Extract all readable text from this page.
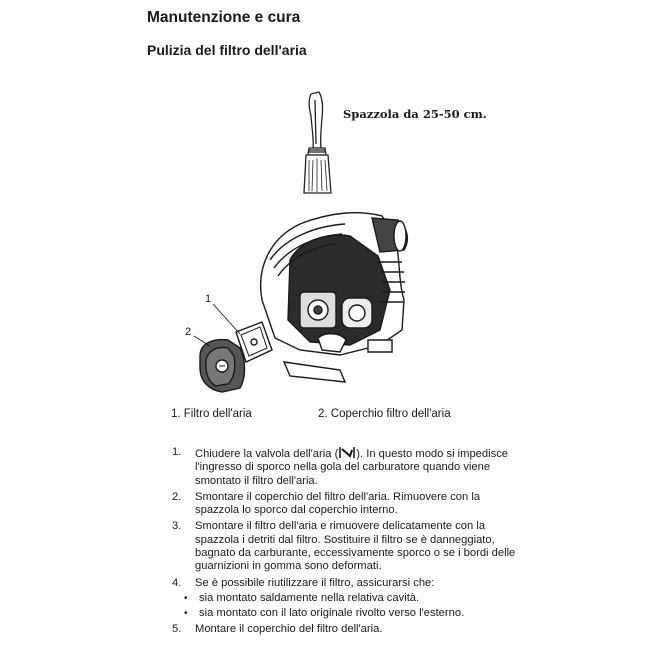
Manutenzione e cura
Pulizia del filtro dell'aria
Spazzola da 25-50 cm.
1
2
1. Filtro dell'aria	2. Coperchio filtro dell'aria
1. Chiudere la valvola dell'aria ( ). In questo modo si impedisce l'ingresso di sporco nella gola del carburatore quando viene smontato il filtro dell'aria.
2. Smontare il coperchio del filtro dell'aria. Rimuovere con la spazzola lo sporco dal coperchio interno.
3. Smontare il filtro dell'aria e rimuovere delicatamente con la spazzola i detriti dal filtro. Sostituire il filtro se è danneggiato, bagnato da carburante, eccessivamente sporco o se i bordi delle guarnizioni in gomma sono deformati.
4. Se è possibile riutilizzare il filtro, assicurarsi che:
• sia montato saldamente nella relativa cavità.
• sia montato con il lato originale rivolto verso l'esterno.
5. Montare il coperchio del filtro dell'aria.
